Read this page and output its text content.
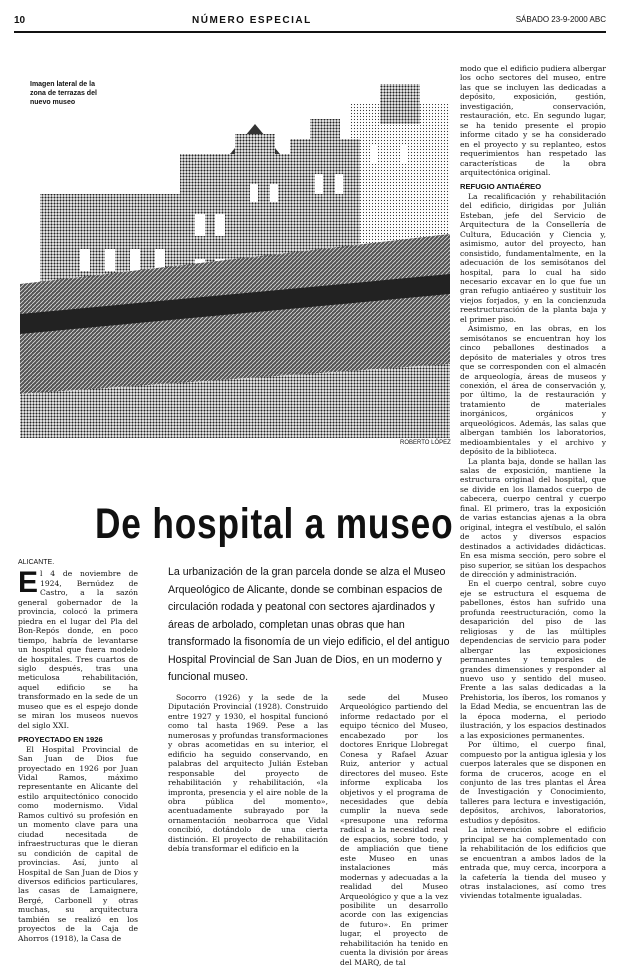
10	NÚMERO ESPECIAL	SÁBADO 23-9-2000 ABC
Imagen lateral de la zona de terrazas del nuevo museo
ROBERTO LÓPEZ
De hospital a museo
ALICANTE.
E l 4 de noviembre de 1924, Bernúdez de Castro, a la sazón general gobernador de la provincia, colocó la primera piedra en el lugar del Pla del Bon-Repós donde, en poco tiempo, habría de levantarse un hospital que fuera modelo de hospitales. Tres cuartos de siglo después, tras una meticulosa rehabilitación, aquel edificio se ha transformado en la sede de un museo que es el espejo donde se miran los museos nuevos del siglo XXI.
PROYECTADO EN 1926

El Hospital Provincial de San Juan de Dios fue proyectado en 1926 por Juan Vidal Ramos, máximo representante en Alicante del estilo arquitectónico conocido como modernismo. Vidal Ramos cultivó su profesión en un momento clave para una ciudad necesitada de infraestructuras que le dieran su condición de capital de provincias. Así, junto al Hospital de San Juan de Dios y diversos edificios particulares, las casas de Lamaignere, Bergé, Carbonell y otras muchas, su arquitectura también se realizó en los proyectos de la Caja de Ahorros (1918), la Casa de

La urbanización de la gran parcela donde se alza el Museo Arqueológico de Alicante, donde se combinan espacios de circulación rodada y peatonal con sectores ajardinados y áreas de arbolado, completan unas obras que han transformado la fisonomía de un viejo edificio, el del antiguo Hospital Provincial de San Juan de Dios, en un moderno y funcional museo.

Socorro (1926) y la sede de la Diputación Provincial (1928). Construido entre 1927 y 1930, el hospital funcionó como tal hasta 1969. Pese a las numerosas y profundas transformaciones y obras acometidas en su interior, el edificio ha seguido conservando, en palabras del arquitecto Julián Esteban responsable del proyecto de rehabilitación y rehabilitación, «la impronta, presencia y el aire noble de la obra pública del momento», acentuadamente subrayado por la ornamentación neobarroca que Vidal concibió, dotándolo de una cierta distinción. El proyecto de rehabilitación debía transformar el edificio en la

sede del Museo Arqueológico partiendo del informe redactado por el equipo técnico del Museo, encabezado por los doctores Enrique Llobregat Conesa y Rafael Azuar Ruiz, anterior y actual directores del museo. Este informe explicaba los objetivos y el programa de necesidades que debía cumplir la nueva sede «presupone una reforma radical a la necesidad real de espacios, sobre todo, y de ampliación que tiene este Museo en unas instalaciones más modernas y adecuadas a la realidad del Museo Arqueológico y que a la vez posibilite un desarrollo acorde con las exigencias de futuro». En primer lugar, el proyecto de rehabilitación ha tenido en cuenta la división por áreas del MARQ, de tal

modo que el edificio pudiera albergar los ocho sectores del museo, entre las que se incluyen las dedicadas a depósito, exposición, gestión, investigación, conservación, restauración, etc. En segundo lugar, se ha tenido presente el propio informe citado y se ha considerado en el proyecto y su replanteo, estos requerimientos han respetado las características de la obra arquitectónica original.

REFUGIO ANTIAÉREO

La recalificación y rehabilitación del edificio, dirigidas por Julián Esteban, jefe del Servicio de Arquitectura de la Consellería de Cultura, Educación y Ciencia y, asimismo, autor del proyecto, han consistido, fundamentalmente, en la adecuación de los semisótanos del hospital, para lo cual ha sido necesario excavar en lo que fue un gran refugio antiaéreo y sustituir los viejos forjados, y en la concienzuda reestructuración de la planta baja y el primer piso.

Asimismo, en las obras, en los semisótanos se encuentran hoy los cinco peballones destinados a depósito de materiales y otros tres que se corresponden con el almacén de arqueología, áreas de museos y conexión, el área de conservación y, por último, la de restauración y tratamiento de materiales inorgánicos, orgánicos y arqueológicos. Además, las salas que albergan también los laboratorios, medioambientales y el archivo y depósito de la biblioteca.

La planta baja, donde se hallan las salas de exposición, mantiene la estructura original del hospital, que se divide en los llamados cuerpo de cabecera, cuerpo central y cuerpo final. El primero, tras la exposición de varias estancias ajenas a la obra original, integra el vestíbulo, el salón de actos y diversos espacios destinados a actividades didácticas. En esa misma sección, pero sobre el piso superior, se sitúan los despachos de dirección y administración.

En el cuerpo central, sobre cuyo eje se estructura el esquema de pabellones, éstos han sufrido una profunda reestructuración, como la desaparición del piso de las religiosas y de las múltiples dependencias de servicio para poder albergar las exposiciones permanentes y temporales de grandes dimensiones y responder al nuevo uso y sentido del museo. Frente a las salas dedicadas a la Prehistoria, los íberos, los romanos y la Edad Media, se encuentran las de la época moderna, el periodo ilustración, y los espacios destinados a las exposiciones permanentes.

Por último, el cuerpo final, compuesto por la antigua iglesia y los cuerpos laterales que se disponen en forma de cruceros, acoge en el conjunto de las tres plantas el Área de Investigación y Conocimiento, talleres para lectura e investigación, depósitos, archivos, laboratorios, estudios y depósitos.

La intervención sobre el edificio principal se ha complementado con la rehabilitación de los edificios que se encuentran a ambos lados de la entrada que, muy cerca, incorpora a la cafetería la tienda del museo y otras instalaciones, así como tres viviendas totalmente igualadas.
